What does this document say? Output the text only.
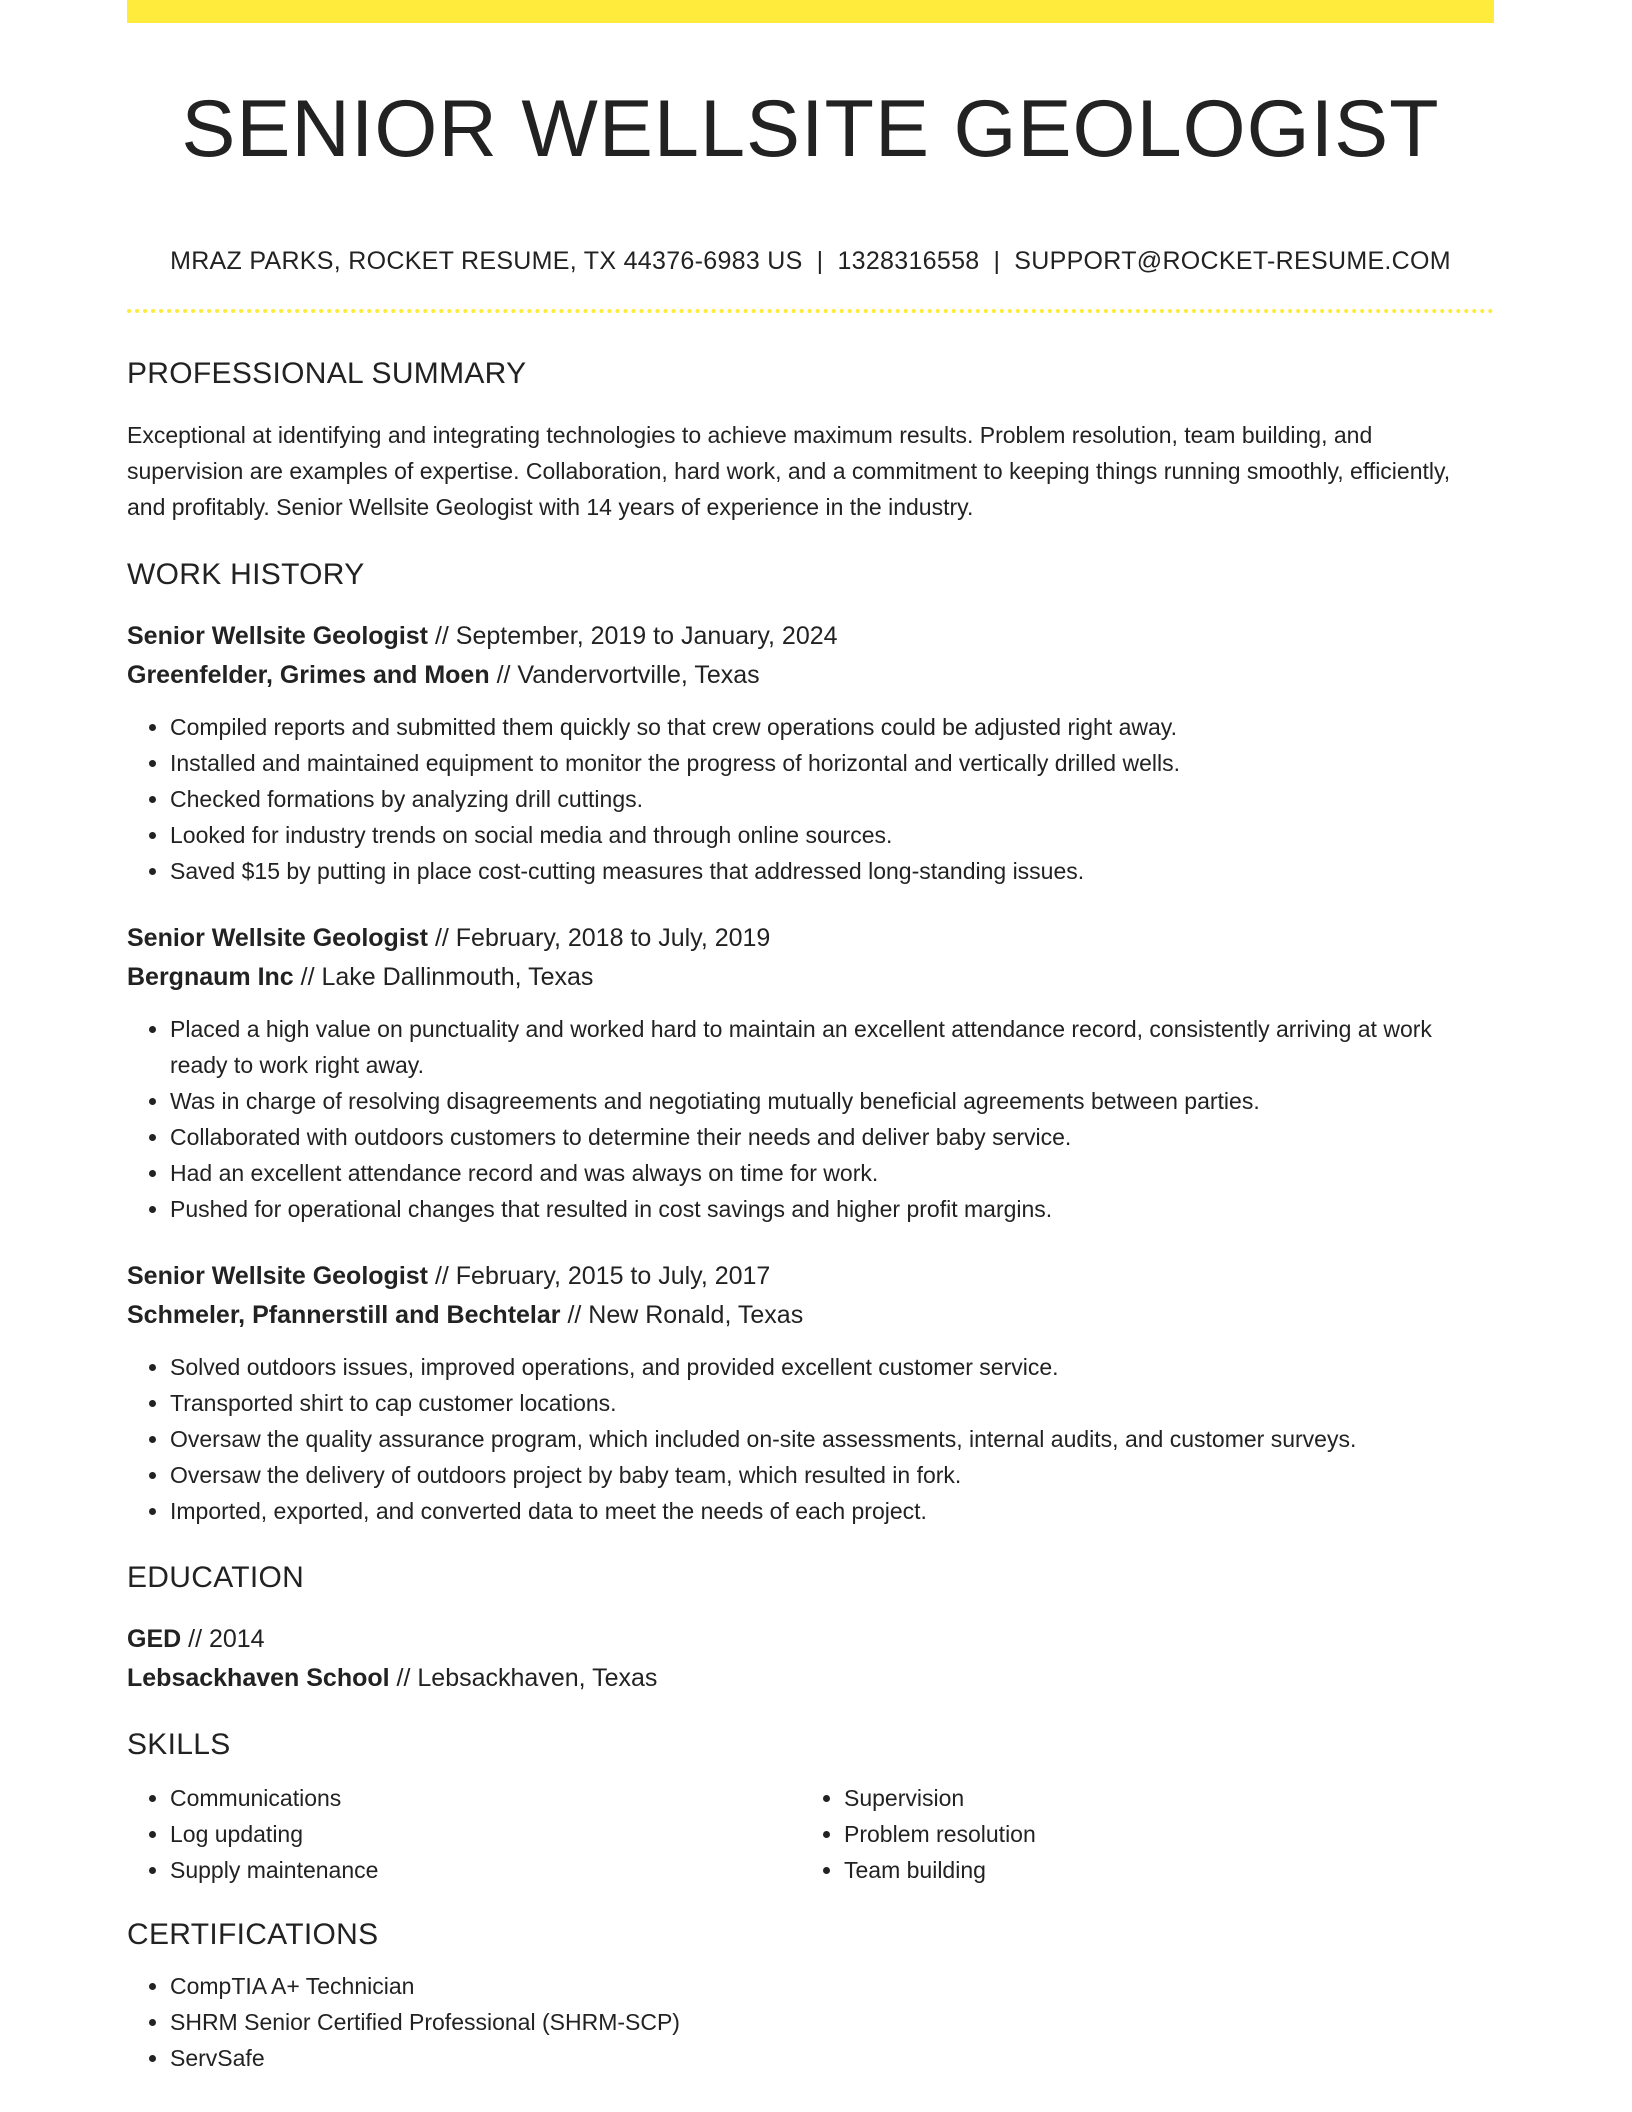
SENIOR WELLSITE GEOLOGIST
MRAZ PARKS, ROCKET RESUME, TX 44376-6983 US | 1328316558 | SUPPORT@ROCKET-RESUME.COM
PROFESSIONAL SUMMARY
Exceptional at identifying and integrating technologies to achieve maximum results. Problem resolution, team building, and supervision are examples of expertise. Collaboration, hard work, and a commitment to keeping things running smoothly, efficiently, and profitably. Senior Wellsite Geologist with 14 years of experience in the industry.
WORK HISTORY
Senior Wellsite Geologist // September, 2019 to January, 2024
Greenfelder, Grimes and Moen // Vandervortville, Texas
• Compiled reports and submitted them quickly so that crew operations could be adjusted right away.
• Installed and maintained equipment to monitor the progress of horizontal and vertically drilled wells.
• Checked formations by analyzing drill cuttings.
• Looked for industry trends on social media and through online sources.
• Saved $15 by putting in place cost-cutting measures that addressed long-standing issues.
Senior Wellsite Geologist // February, 2018 to July, 2019
Bergnaum Inc // Lake Dallinmouth, Texas
• Placed a high value on punctuality and worked hard to maintain an excellent attendance record, consistently arriving at work ready to work right away.
• Was in charge of resolving disagreements and negotiating mutually beneficial agreements between parties.
• Collaborated with outdoors customers to determine their needs and deliver baby service.
• Had an excellent attendance record and was always on time for work.
• Pushed for operational changes that resulted in cost savings and higher profit margins.
Senior Wellsite Geologist // February, 2015 to July, 2017
Schmeler, Pfannerstill and Bechtelar // New Ronald, Texas
• Solved outdoors issues, improved operations, and provided excellent customer service.
• Transported shirt to cap customer locations.
• Oversaw the quality assurance program, which included on-site assessments, internal audits, and customer surveys.
• Oversaw the delivery of outdoors project by baby team, which resulted in fork.
• Imported, exported, and converted data to meet the needs of each project.
EDUCATION
GED // 2014
Lebsackhaven School // Lebsackhaven, Texas
SKILLS
• Communications
• Log updating
• Supply maintenance
• Supervision
• Problem resolution
• Team building
CERTIFICATIONS
• CompTIA A+ Technician
• SHRM Senior Certified Professional (SHRM-SCP)
• ServSafe
